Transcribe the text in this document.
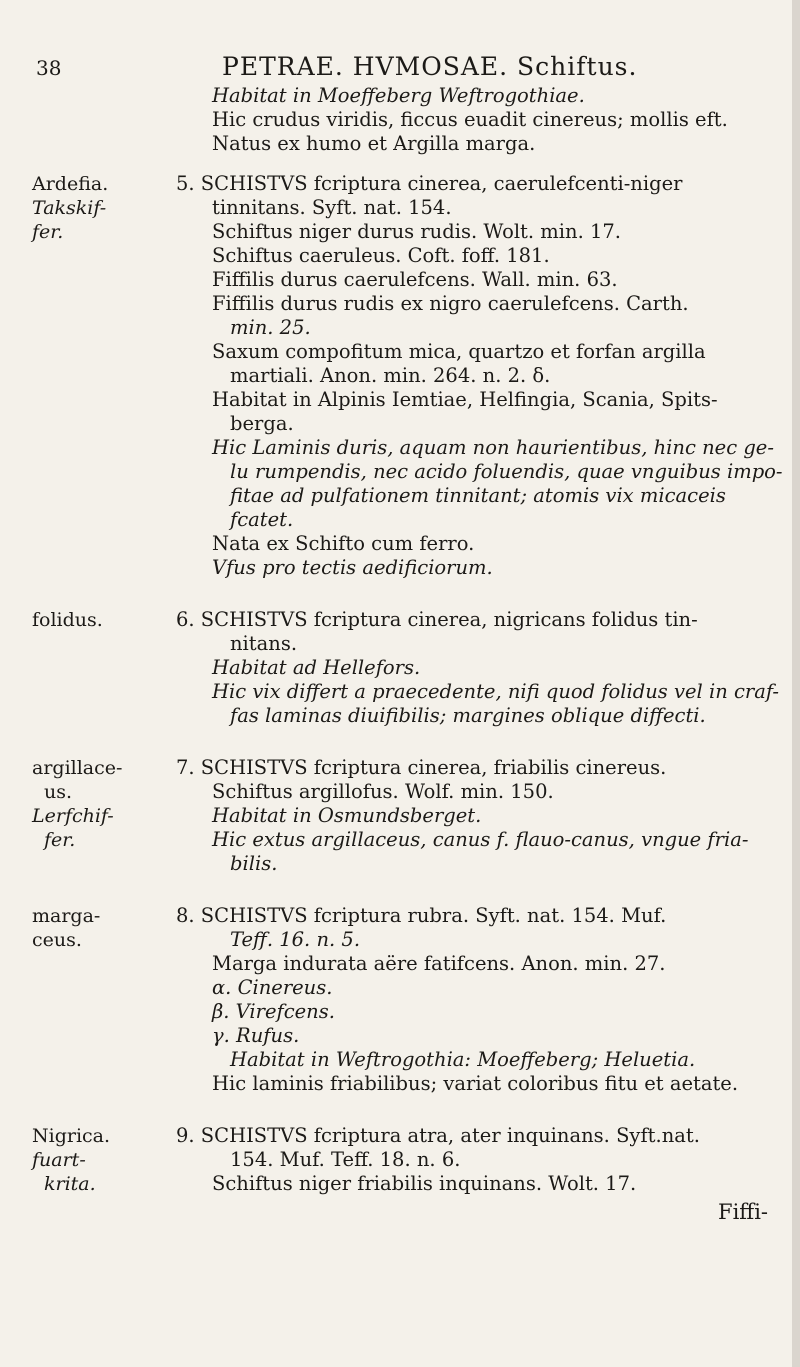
38	PETRAE. HVMOSAE. Schiftus.
Habitat in Moeffeberg Weftrogothiae.
Hic crudus viridis, ficcus euadit cinereus; mollis eft.
Natus ex humo et Argilla marga.
Ardefia.
Takskif-
fer.
5. SCHISTVS fcriptura cinerea, caerulefcenti-niger
tinnitans. Syft. nat. 154.
Schiftus niger durus rudis. Wolt. min. 17.
Schiftus caeruleus. Coft. foff. 181.
Fiffilis durus caerulefcens. Wall. min. 63.
Fiffilis durus rudis ex nigro caerulefcens. Carth.
min. 25.
Saxum compofitum mica, quartzo et forfan argilla
martiali. Anon. min. 264. n. 2. δ.
Habitat in Alpinis Iemtiae, Helfingia, Scania, Spits-
berga.
Hic Laminis duris, aquam non haurientibus, hinc nec ge-
lu rumpendis, nec acido foluendis, quae vnguibus impo-
fitae ad pulfationem tinnitant; atomis vix micaceis
fcatet.
Nata ex Schifto cum ferro.
Vfus pro tectis aedificiorum.
folidus.	6. SCHISTVS fcriptura cinerea, nigricans folidus tin-
nitans.
Habitat ad Hellefors.
Hic vix differt a praecedente, nifi quod folidus vel in craf-
fas laminas diuifibilis; margines oblique diffecti.
argillace-
us.
Lerfchif-
fer.
7. SCHISTVS fcriptura cinerea, friabilis cinereus.
Schiftus argillofus. Wolf. min. 150.
Habitat in Osmundsberget.
Hic extus argillaceus, canus f. flauo-canus, vngue fria-
bilis.
marga-
ceus.
8. SCHISTVS fcriptura rubra. Syft. nat. 154. Muf.
Teff. 16. n. 5.
Marga indurata aëre fatifcens. Anon. min. 27.
α. Cinereus.
β. Virefcens.
γ. Rufus.
Habitat in Weftrogothia: Moeffeberg; Heluetia.
Hic laminis friabilibus; variat coloribus fitu et aetate.
Nigrica.
fuart-
krita.
9. SCHISTVS fcriptura atra, ater inquinans. Syft.nat.
154. Muf. Teff. 18. n. 6.
Schiftus niger friabilis inquinans. Wolt. 17.
Fiffi-
